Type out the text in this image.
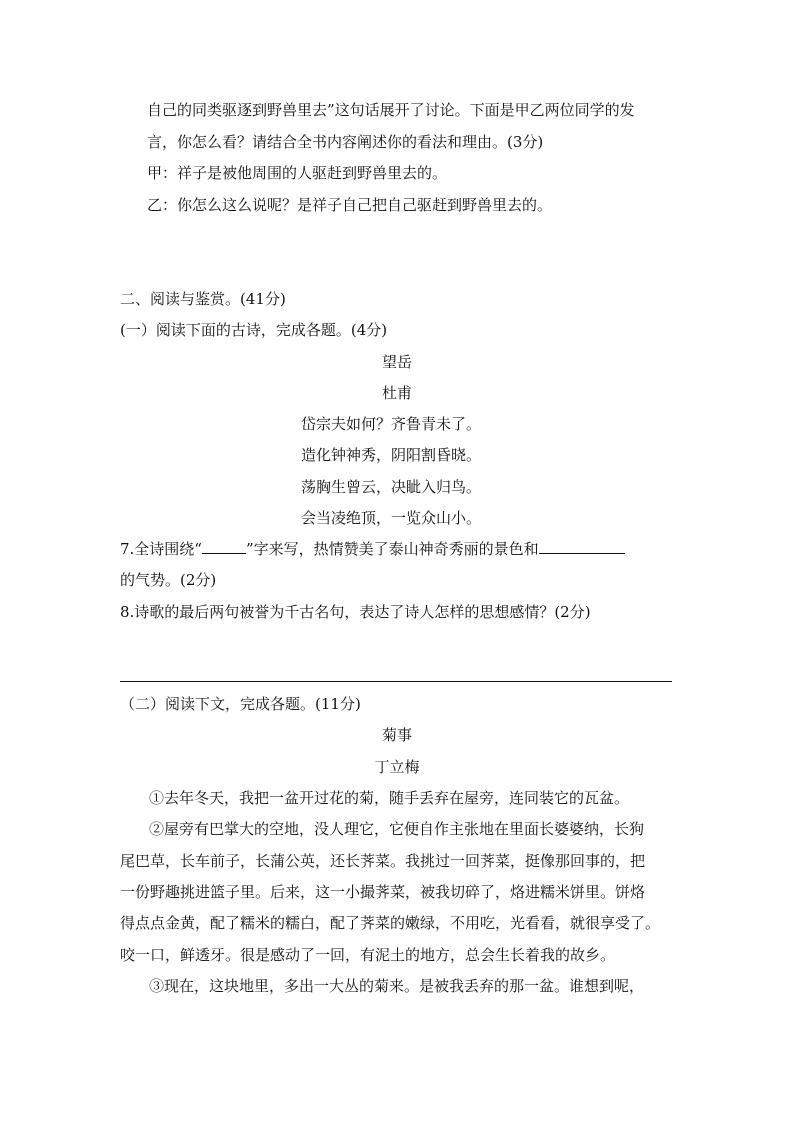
自己的同类驱逐到野兽里去”这句话展开了讨论。下面是甲乙两位同学的发
言，你怎么看？请结合全书内容阐述你的看法和理由。(3分)
甲：祥子是被他周围的人驱赶到野兽里去的。
乙：你怎么这么说呢？是祥子自己把自己驱赶到野兽里去的。
二、阅读与鉴赏。(41分)
(一）阅读下面的古诗，完成各题。(4分)
望岳
杜甫
岱宗夫如何？齐鲁青未了。
造化钟神秀，阴阳割昏晓。
荡胸生曾云，决眦入归鸟。
会当凌绝顶，一览众山小。
7.全诗围绕“	”字来写，热情赞美了泰山神奇秀丽的景色和
的气势。(2分)
8.诗歌的最后两句被誉为千古名句，表达了诗人怎样的思想感情？(2分)
（二）阅读下文，完成各题。(11分)
菊事
丁立梅
①去年冬天，我把一盆开过花的菊，随手丢弃在屋旁，连同装它的瓦盆。
②屋旁有巴掌大的空地，没人理它，它便自作主张地在里面长婆婆纳，长狗
尾巴草，长车前子，长蒲公英，还长荠菜。我挑过一回荠菜，挺像那回事的，把
一份野趣挑进篮子里。后来，这一小撮荠菜，被我切碎了，烙进糯米饼里。饼烙
得点点金黄，配了糯米的糯白，配了荠菜的嫩绿，不用吃，光看看，就很享受了。
咬一口，鲜透牙。很是感动了一回，有泥土的地方，总会生长着我的故乡。
③现在，这块地里，多出一大丛的菊来。是被我丢弃的那一盆。谁想到呢，
